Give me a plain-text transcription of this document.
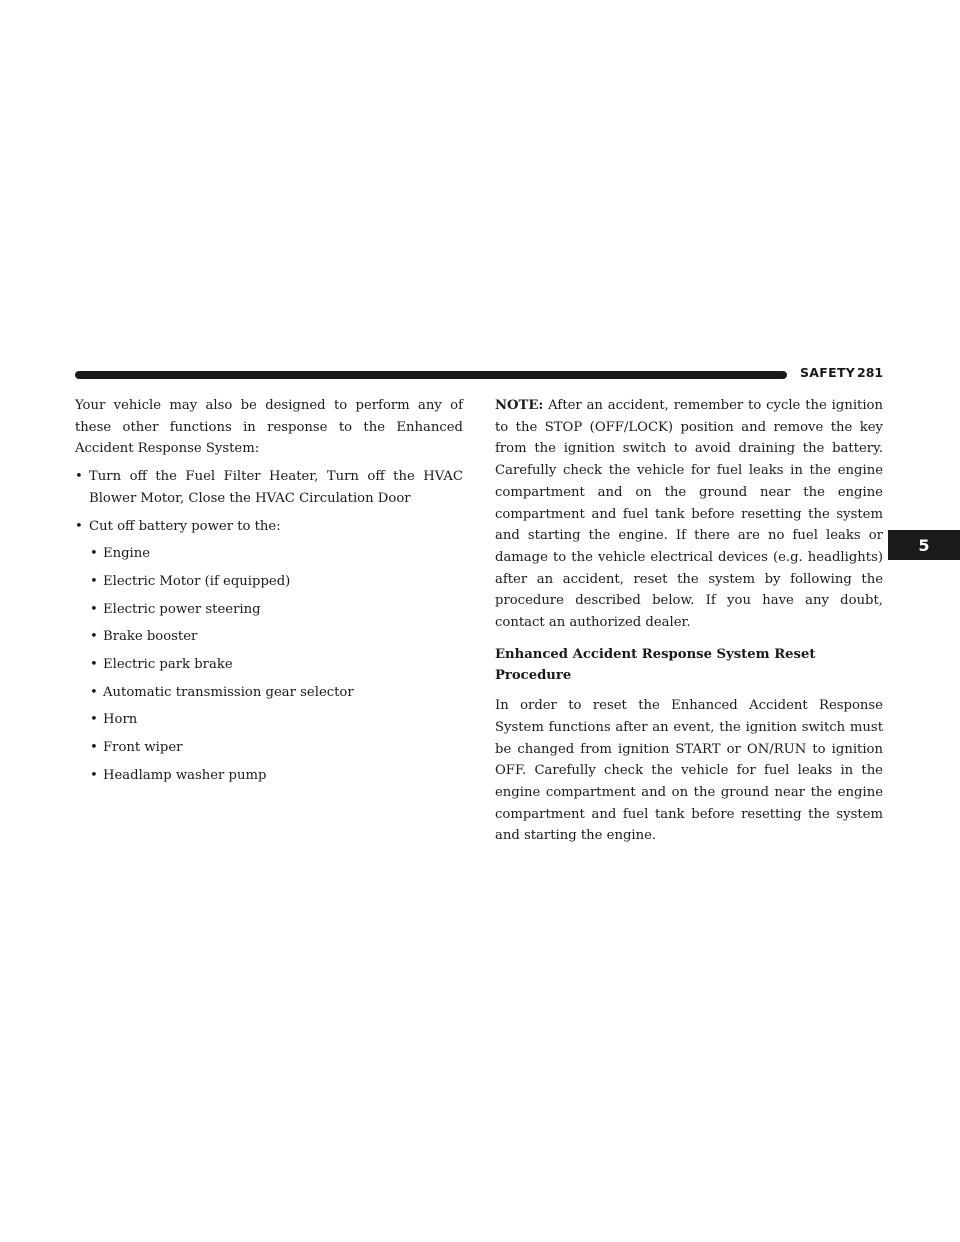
SAFETY 281
5

Your vehicle may also be designed to perform any of these other functions in response to the Enhanced Accident Response System:

• Turn off the Fuel Filter Heater, Turn off the HVAC Blower Motor, Close the HVAC Circulation Door

• Cut off battery power to the:

• Engine
• Electric Motor (if equipped)
• Electric power steering
• Brake booster
• Electric park brake
• Automatic transmission gear selector
• Horn
• Front wiper
• Headlamp washer pump

NOTE: After an accident, remember to cycle the ignition to the STOP (OFF/LOCK) position and remove the key from the ignition switch to avoid draining the battery. Carefully check the vehicle for fuel leaks in the engine compartment and on the ground near the engine compartment and fuel tank before resetting the system and starting the engine. If there are no fuel leaks or damage to the vehicle electrical devices (e.g. headlights) after an accident, reset the system by following the procedure described below. If you have any doubt, contact an authorized dealer.

Enhanced Accident Response System Reset Procedure

In order to reset the Enhanced Accident Response System functions after an event, the ignition switch must be changed from ignition START or ON/RUN to ignition OFF. Carefully check the vehicle for fuel leaks in the engine compartment and on the ground near the engine compartment and fuel tank before resetting the system and starting the engine.
